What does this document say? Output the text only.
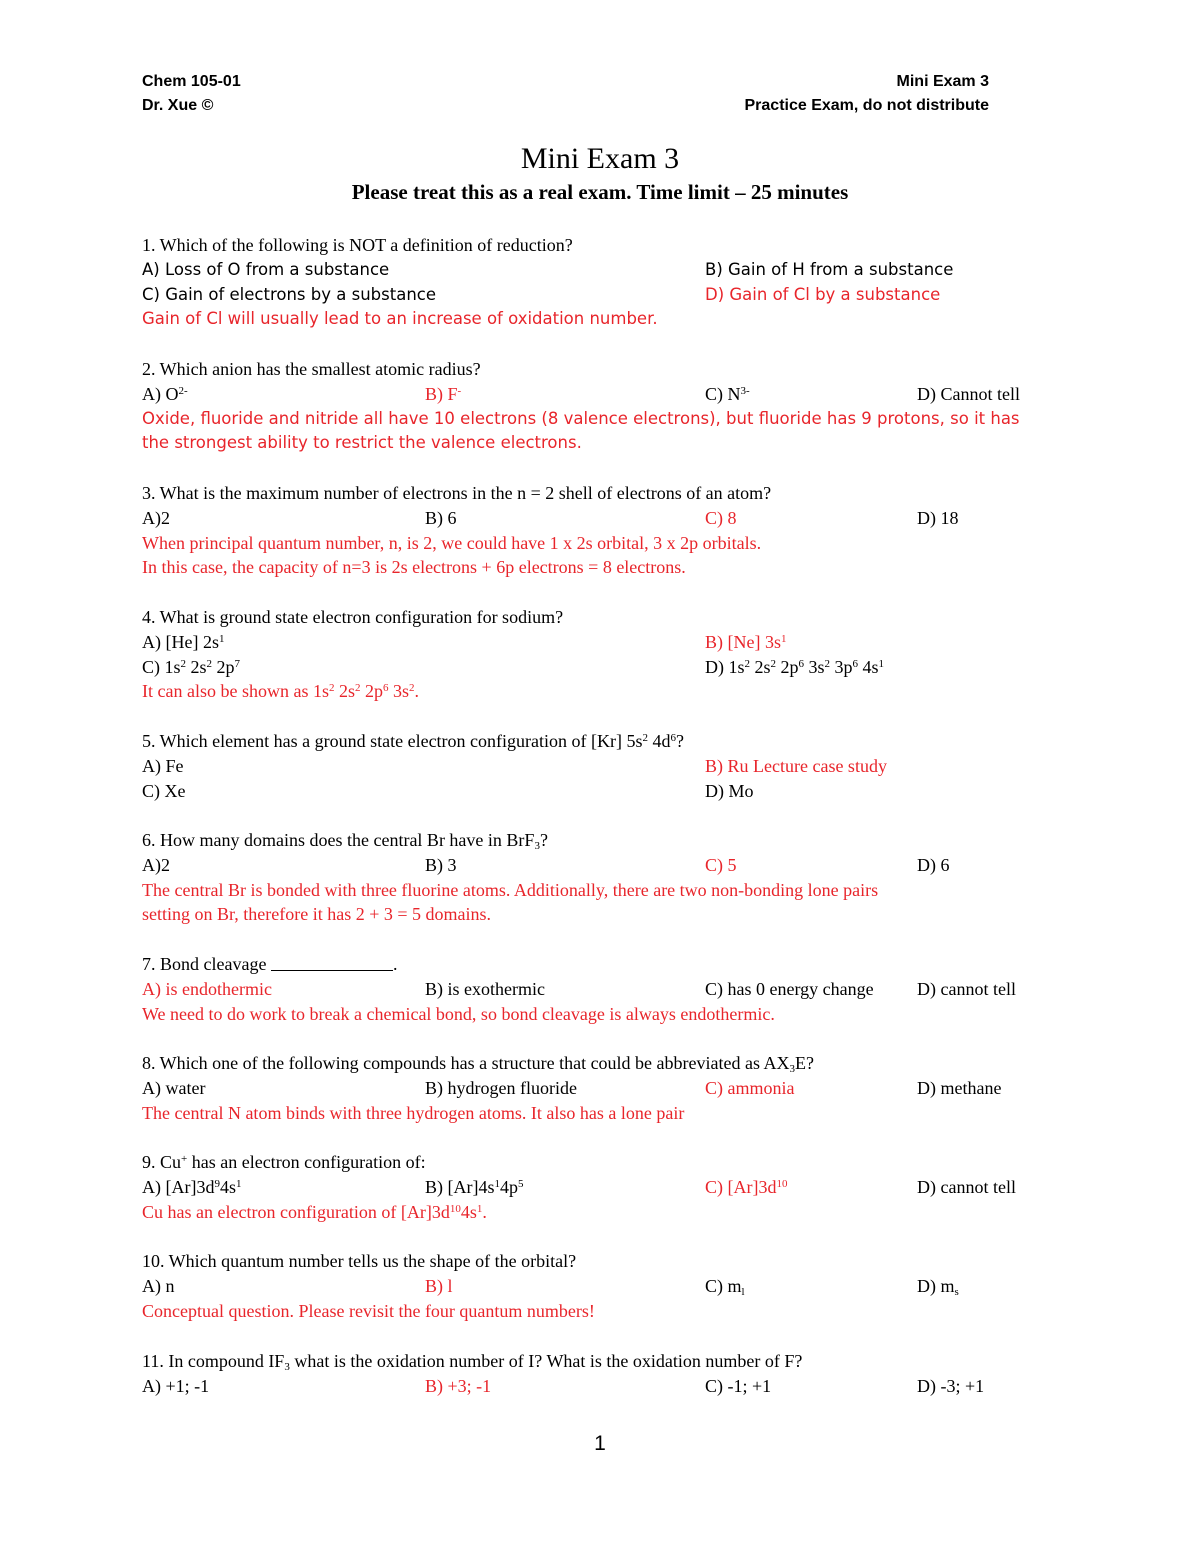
Chem 105-01	Mini Exam 3
Dr. Xue ©	Practice Exam, do not distribute
Mini Exam 3
Please treat this as a real exam. Time limit – 25 minutes
1. Which of the following is NOT a definition of reduction?
A) Loss of O from a substance	B) Gain of H from a substance
C) Gain of electrons by a substance	D) Gain of Cl by a substance
Gain of Cl will usually lead to an increase of oxidation number.
2. Which anion has the smallest atomic radius?
A) $O^{2-}$	B) F-	C) $N^{3-}$	D) Cannot tell
Oxide, fluoride and nitride all have 10 electrons (8 valence electrons), but fluoride has 9 protons, so it has
the strongest ability to restrict the valence electrons.
3. What is the maximum number of electrons in the n = 2 shell of electrons of an atom?
A)2	B) 6	C) 8	D) 18
When principal quantum number, n, is 2, we could have 1 x 2s orbital, 3 x 2p orbitals.
In this case, the capacity of n=3 is 2s electrons + 6p electrons = 8 electrons.
4. What is ground state electron configuration for sodium?
A) [He] $2s^1$	B) [Ne] $3s^1$
C) $1s^2$ $2s^2$ $2p^7$	D) $1s^2$ $2s^2$ $2p^6$ $3s^2$ $3p^6$ $4s^1$
It can also be shown as $1s^2$ $2s^2$ $2p^6$ $3s^2$.
5. Which element has a ground state electron configuration of [Kr] $5s^2$ $4d^6$?
A) Fe	B) Ru Lecture case study
C) Xe	D) Mo
6. How many domains does the central Br have in BrF$_3$?
A)2	B) 3	C) 5	D) 6
The central Br is bonded with three fluorine atoms. Additionally, there are two non-bonding lone pairs
setting on Br, therefore it has 2 + 3 = 5 domains.
7. Bond cleavage	.
A) is endothermic	B) is exothermic	C) has 0 energy change D) cannot tell
We need to do work to break a chemical bond, so bond cleavage is always endothermic.
8. Which one of the following compounds has a structure that could be abbreviated as $AX_3E$?
A) water	B) hydrogen fluoride	C) ammonia	D) methane
The central N atom binds with three hydrogen atoms. It also has a lone pair
9. Cu+ has an electron configuration of:
A) $[Ar]3d^94s^1$	B) $[Ar]4s^14p^5$	C) $[Ar]3d^{10}$	D) cannot tell
Cu has an electron configuration of $[Ar]3d^{10}4s^1$.
10. Which quantum number tells us the shape of the orbital?
A) n	B) l	C) $m_l$	D) $m_s$
Conceptual question. Please revisit the four quantum numbers!
11. In compound $IF_3$ what is the oxidation number of I? What is the oxidation number of F?
A) +1; -1	B) +3; -1	C) -1; +1	D) -3; +1
1
